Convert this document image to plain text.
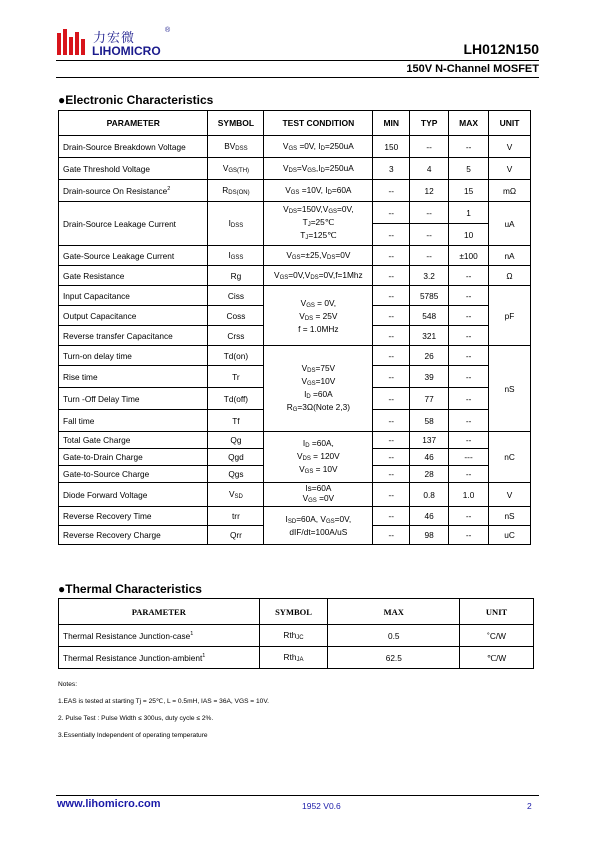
力宏微
®
LIHOMICRO	LH012N150
150V N-Channel MOSFET
●Electronic Characteristics
PARAMETER	SYMBOL	TEST CONDITION	MIN	TYP	MAX	UNIT
Drain-Source Breakdown Voltage	$BV_{DSS}$	$V_{GS} =0V$, $I_D=250uA$	150	--	--	V
Gate Threshold Voltage	$V_{GS(TH)}$	$V_{DS}=V_{GS},I_D=250uA$	3	4	5	V
Drain-source On Resistance$^2$	$R_{DS(ON)}$	$V_{GS} =10V$, $I_D=60A$	--	12	15	mΩ
Drain-Source Leakage Current	$I_{DSS}$	$V_{DS}=150V,V_{GS}=0V$,
$T_J=25℃$
$T_J=125℃$	--	--	1	uA
			--	--	10	
Gate-Source Leakage Current	$I_{GSS}$	$V_{GS}=\pm 25,V_{DS}=0V$	--	--	±100	nA
Gate Resistance	Rg	$V_{GS}=0V,V_{DS}=0V,f=1Mhz$	--	3.2	--	Ω
Input Capacitance	Ciss	$V_{GS} = 0V$,
$V_{DS} = 25V$
f = 1.0MHz	--	5785	--	pF
Output Capacitance	Coss		--	548	--	
Reverse transfer Capacitance	Crss		--	321	--	
Turn-on delay time	Td(on)	$V_{DS}=75V$
$V_{GS}=10V$
$I_D =60A$
$R_G=3\Omega(Note$ 2,3)	--	26	--	nS
Rise time	Tr		--	39	--	
Turn -Off Delay Time	Td(off)		--	77	--	
Fall time	Tf		--	58	--	
Total Gate Charge	Qg	$I_D =60A$,
$V_{DS} = 120V$
$V_{GS} = 10V$	--	137	--	nC
Gate-to-Drain Charge	Qgd		--	46	---	
Gate-to-Source Charge	Qgs		--	28	--	
Diode Forward Voltage	$V_{SD}$	Is=60A
$V_{GS} =0V$	--	0.8	1.0	V
Reverse Recovery Time	trr	$I_{SD}=60A$, $V_{GS}=0V$,
dIF/dt=100A/uS	--	46	--	nS
Reverse Recovery Charge	Qrr		--	98	--	uC
●Thermal Characteristics
PARAMETER	SYMBOL	MAX	UNIT
Thermal Resistance Junction-case$^1$	Rth$_{JC}$	0.5	˚C/W
Thermal Resistance Junction-ambient$^1$	Rth$_{JA}$	62.5	℃/W
Notes:
1.EAS is tested at starting Tj = 25℃, L = 0.5mH, IAS = 36A, VGS = 10V.
2. Pulse Test : Pulse Width ≤ 300us, duty cycle ≤ 2%.
3.Essentially Independent of operating temperature
www.lihomicro.com	1952 V0.6	2
